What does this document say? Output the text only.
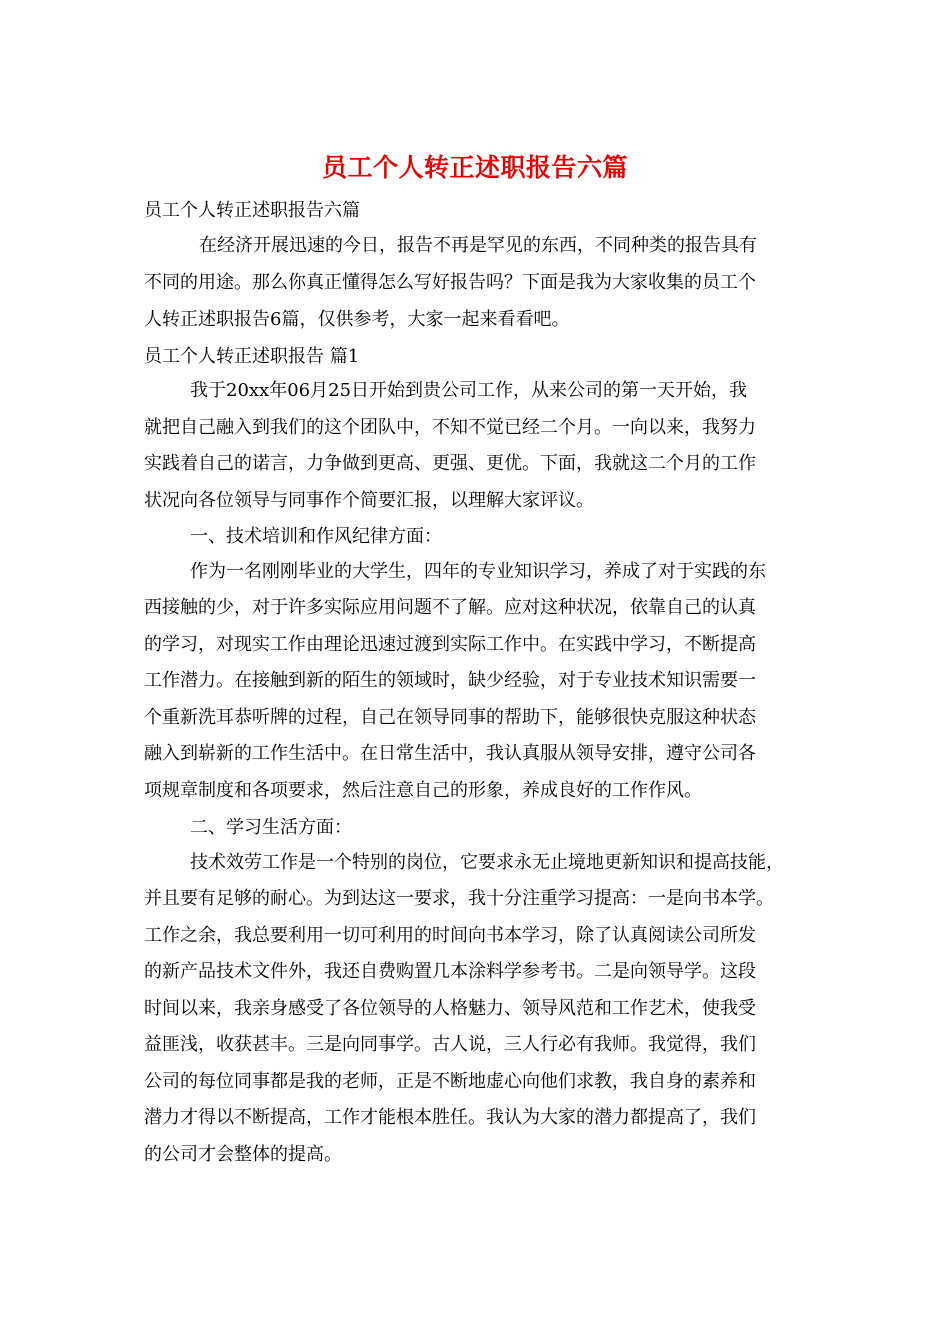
员工个人转正述职报告六篇
员工个人转正述职报告六篇
在经济开展迅速的今日，报告不再是罕见的东西，不同种类的报告具有
不同的用途。那么你真正懂得怎么写好报告吗？下面是我为大家收集的员工个
人转正述职报告6篇，仅供参考，大家一起来看看吧。
员工个人转正述职报告 篇1
我于20xx年06月25日开始到贵公司工作，从来公司的第一天开始，我
就把自己融入到我们的这个团队中，不知不觉已经二个月。一向以来，我努力
实践着自己的诺言，力争做到更高、更强、更优。下面，我就这二个月的工作
状况向各位领导与同事作个简要汇报，以理解大家评议。
一、技术培训和作风纪律方面：
作为一名刚刚毕业的大学生，四年的专业知识学习，养成了对于实践的东
西接触的少，对于许多实际应用问题不了解。应对这种状况，依靠自己的认真
的学习，对现实工作由理论迅速过渡到实际工作中。在实践中学习，不断提高
工作潜力。在接触到新的陌生的领域时，缺少经验，对于专业技术知识需要一
个重新洗耳恭听牌的过程，自己在领导同事的帮助下，能够很快克服这种状态
融入到崭新的工作生活中。在日常生活中，我认真服从领导安排，遵守公司各
项规章制度和各项要求，然后注意自己的形象，养成良好的工作作风。
二、学习生活方面：
技术效劳工作是一个特别的岗位，它要求永无止境地更新知识和提高技能，
并且要有足够的耐心。为到达这一要求，我十分注重学习提高：一是向书本学。
工作之余，我总要利用一切可利用的时间向书本学习，除了认真阅读公司所发
的新产品技术文件外，我还自费购置几本涂料学参考书。二是向领导学。这段
时间以来，我亲身感受了各位领导的人格魅力、领导风范和工作艺术，使我受
益匪浅，收获甚丰。三是向同事学。古人说，三人行必有我师。我觉得，我们
公司的每位同事都是我的老师，正是不断地虚心向他们求教，我自身的素养和
潜力才得以不断提高，工作才能根本胜任。我认为大家的潜力都提高了，我们
的公司才会整体的提高。
